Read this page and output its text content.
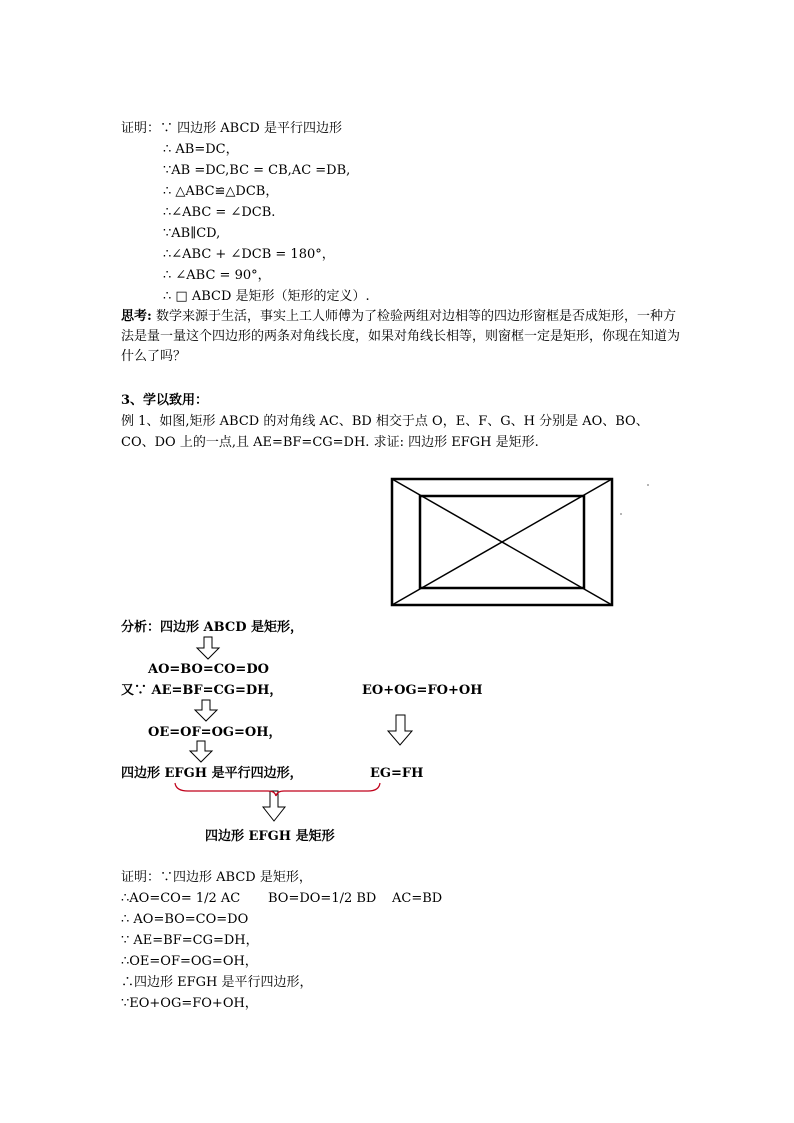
证明：∵ 四边形 ABCD 是平行四边形
∴ AB=DC，
∵AB =DC,BC = CB,AC =DB,
∴ △ABC≌△DCB，
∴∠ABC = ∠DCB.
∵AB∥CD,
∴∠ABC + ∠DCB = 180°，
∴ ∠ABC = 90°，
∴ □ ABCD 是矩形（矩形的定义）.
思考: 数学来源于生活，事实上工人师傅为了检验两组对边相等的四边形窗框是否成矩形，一种方法是量一量这个四边形的两条对角线长度，如果对角线长相等，则窗框一定是矩形，你现在知道为什么了吗？
3、学以致用：
例 1、如图,矩形 ABCD 的对角线 AC、BD 相交于点 O，E、F、G、H 分别是 AO、BO、
CO、DO 上的一点,且 AE=BF=CG=DH. 求证: 四边形 EFGH 是矩形.
分析：四边形 ABCD 是矩形，
AO=BO=CO=DO
又∵ AE=BF=CG=DH，	EO+OG=FO+OH
OE=OF=OG=OH，
四边形 EFGH 是平行四边形，	EG=FH
四边形 EFGH 是矩形
证明：∵四边形 ABCD 是矩形，
∴AO=CO= 1/2 AC BO=DO=1/2 BD AC=BD
∴ AO=BO=CO=DO
∵ AE=BF=CG=DH，
∴OE=OF=OG=OH，
∴四边形 EFGH 是平行四边形，
∵EO+OG=FO+OH，
